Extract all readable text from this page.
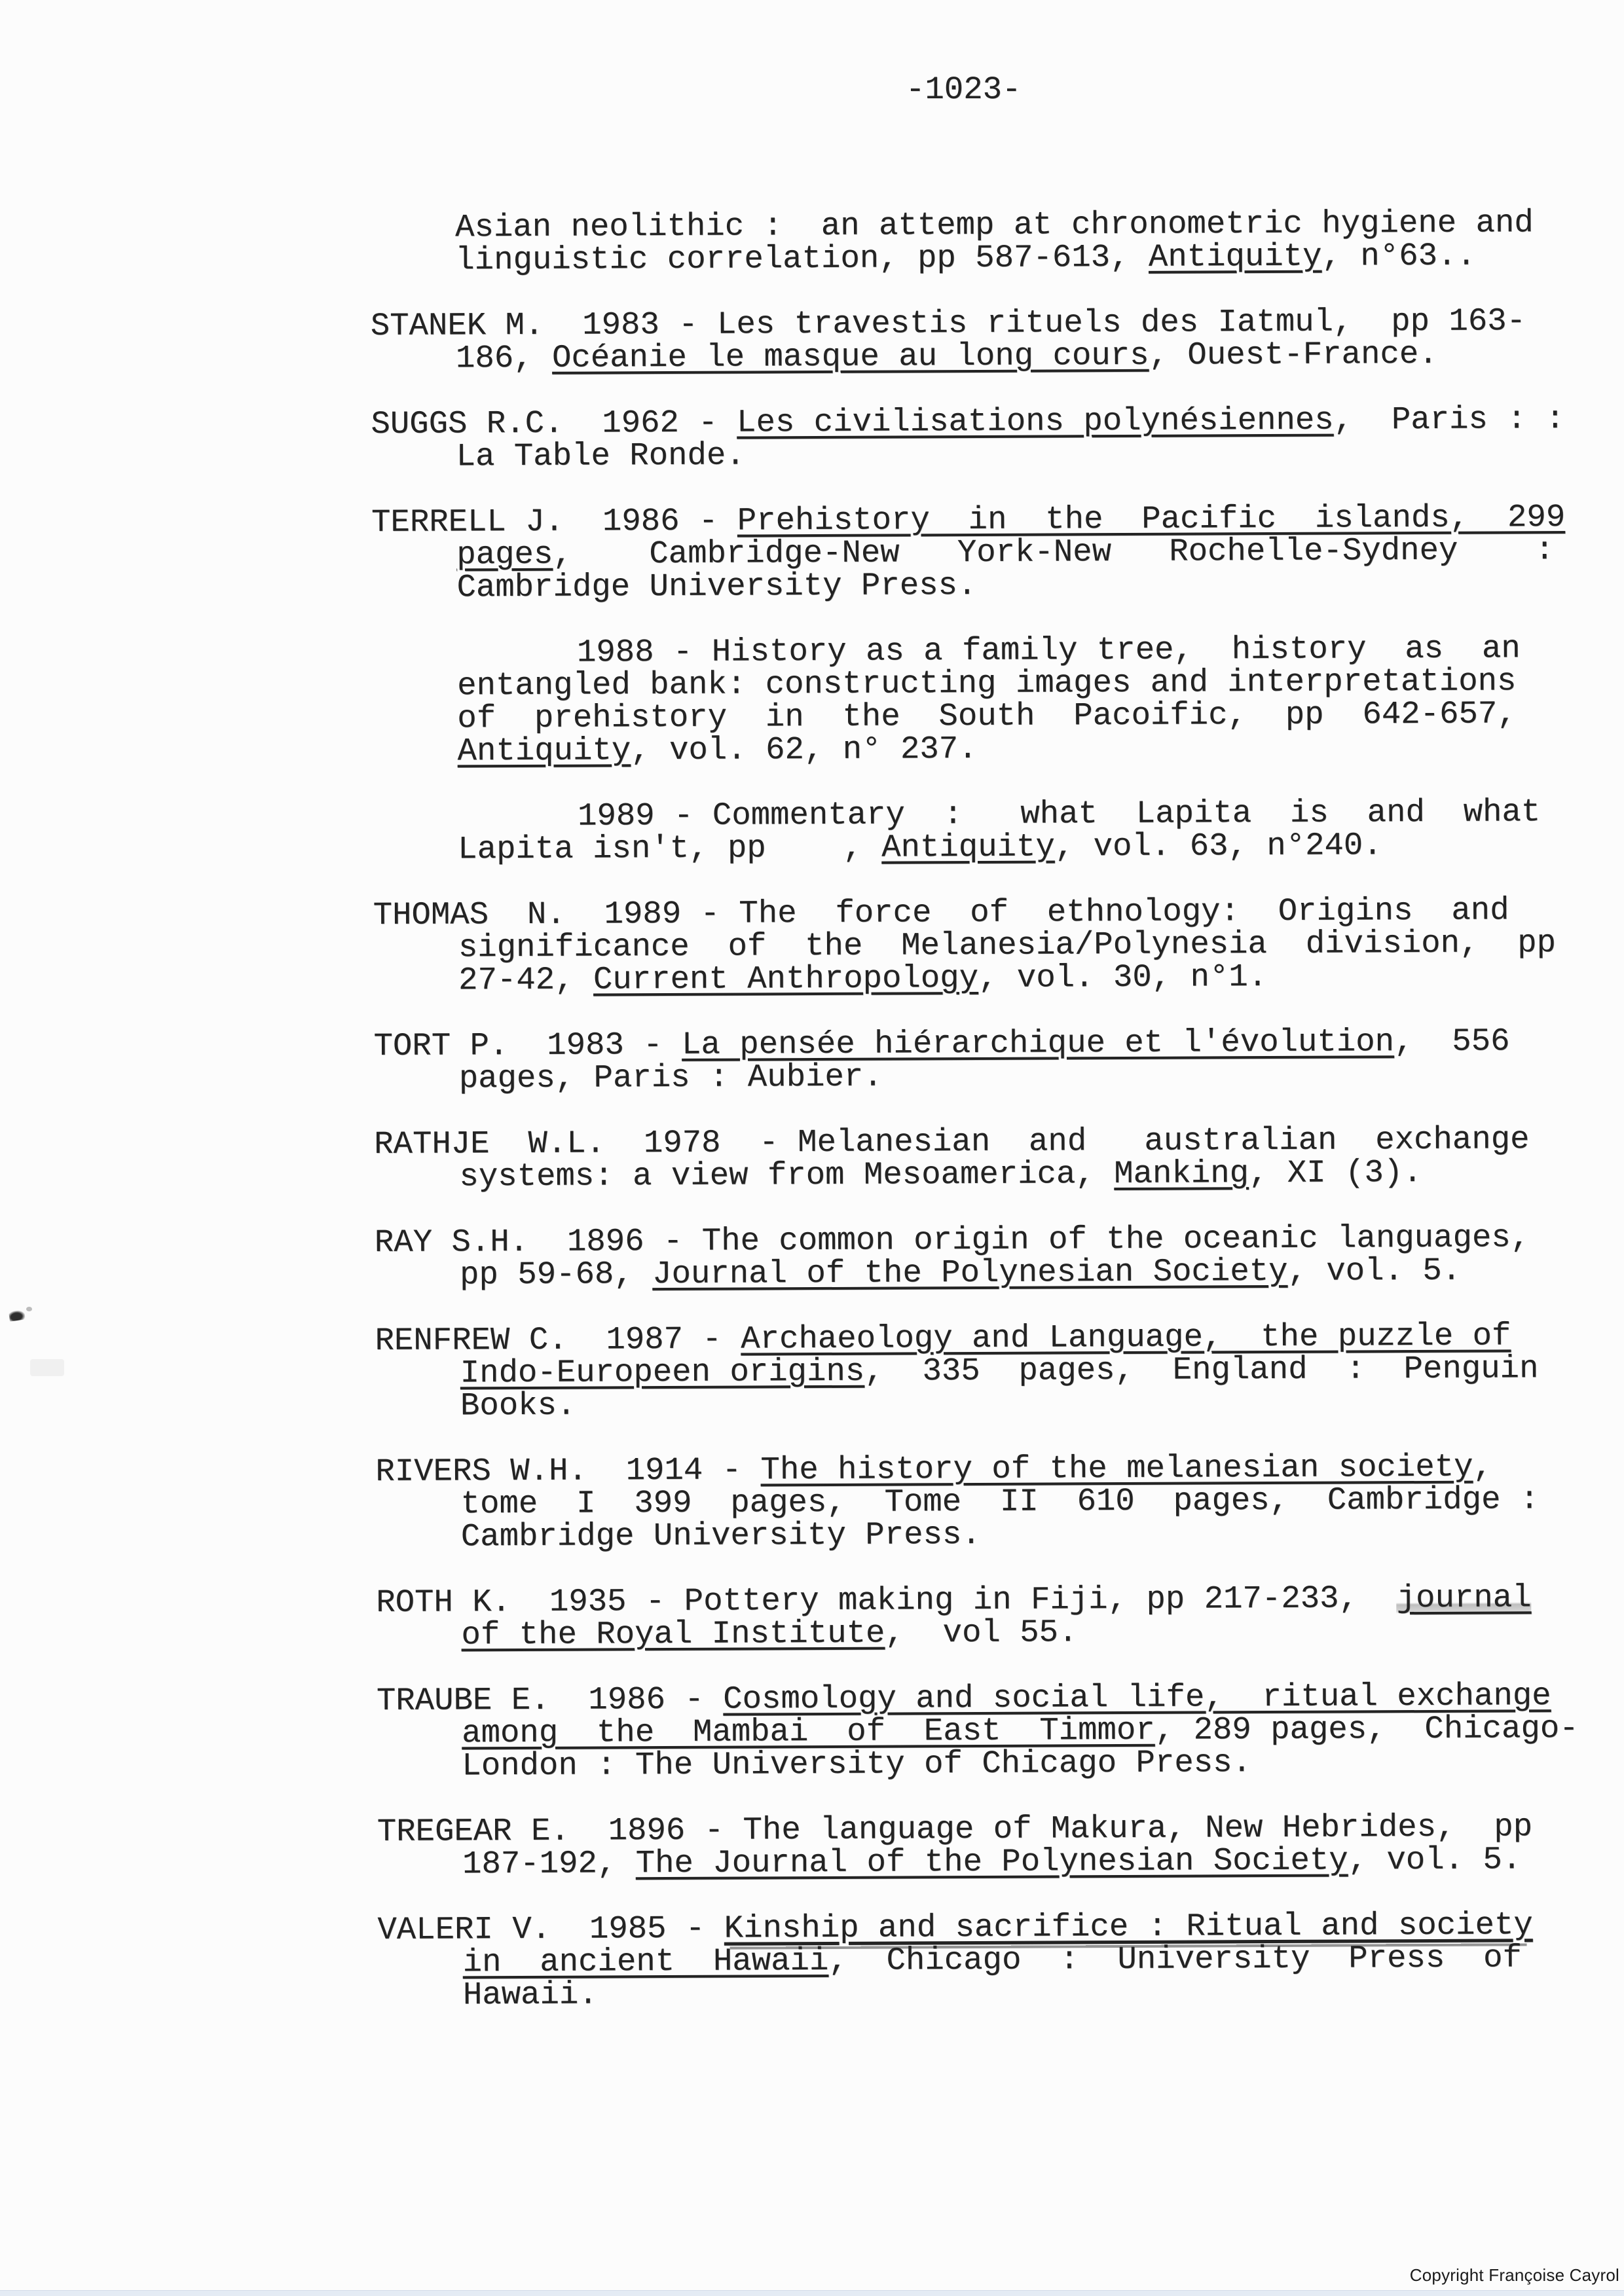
-1023-
Asian neolithic :  an attemp at chronometric hygiene and
linguistic correlation, pp 587-613, Antiquity, n°63..
STANEK M.  1983 - Les travestis rituels des Iatmul,  pp 163-
186, Océanie le masque au long cours, Ouest-France.
SUGGS R.C.  1962 - Les civilisations polynésiennes,  Paris : :
La Table Ronde.
TERRELL J.  1986 - Prehistory  in  the  Pacific  islands,  299
pages,    Cambridge-New   York-New   Rochelle-Sydney    :
Cambridge University Press.
1988 - History as a family tree,  history  as  an
entangled bank: constructing images and interpretations
of  prehistory  in  the  South  Pacoific,  pp  642-657,
Antiquity, vol. 62, n° 237.
1989 - Commentary  :   what  Lapita  is  and  what
Lapita isn't, pp    , Antiquity, vol. 63, n°240.
THOMAS  N.  1989 - The  force  of  ethnology:  Origins  and
significance  of  the  Melanesia/Polynesia  division,  pp
27-42, Current Anthropology, vol. 30, n°1.
TORT P.  1983 - La pensée hiérarchique et l'évolution,  556
pages, Paris : Aubier.
RATHJE  W.L.  1978  - Melanesian  and   australian  exchange
systems: a view from Mesoamerica, Manking, XI (3).
RAY S.H.  1896 - The common origin of the oceanic languages,
pp 59-68, Journal of the Polynesian Society, vol. 5.
RENFREW C.  1987 - Archaeology and Language,  the puzzle of
Indo-Europeen origins,  335  pages,  England  :  Penguin
Books.
RIVERS W.H.  1914 - The history of the melanesian society,
tome  I  399  pages,  Tome  II  610  pages,  Cambridge :
Cambridge University Press.
ROTH K.  1935 - Pottery making in Fiji, pp 217-233,  journal
of the Royal Institute,  vol 55.
TRAUBE E.  1986 - Cosmology and social life,  ritual exchange
among  the  Mambai  of  East  Timmor, 289 pages,  Chicago-
London : The University of Chicago Press.
TREGEAR E.  1896 - The language of Makura, New Hebrides,  pp
187-192, The Journal of the Polynesian Society, vol. 5.
VALERI V.  1985 - Kinship and sacrifice : Ritual and society
in  ancient  Hawaii,  Chicago  :  University  Press  of
Hawaii.
Copyright Françoise Cayrol
